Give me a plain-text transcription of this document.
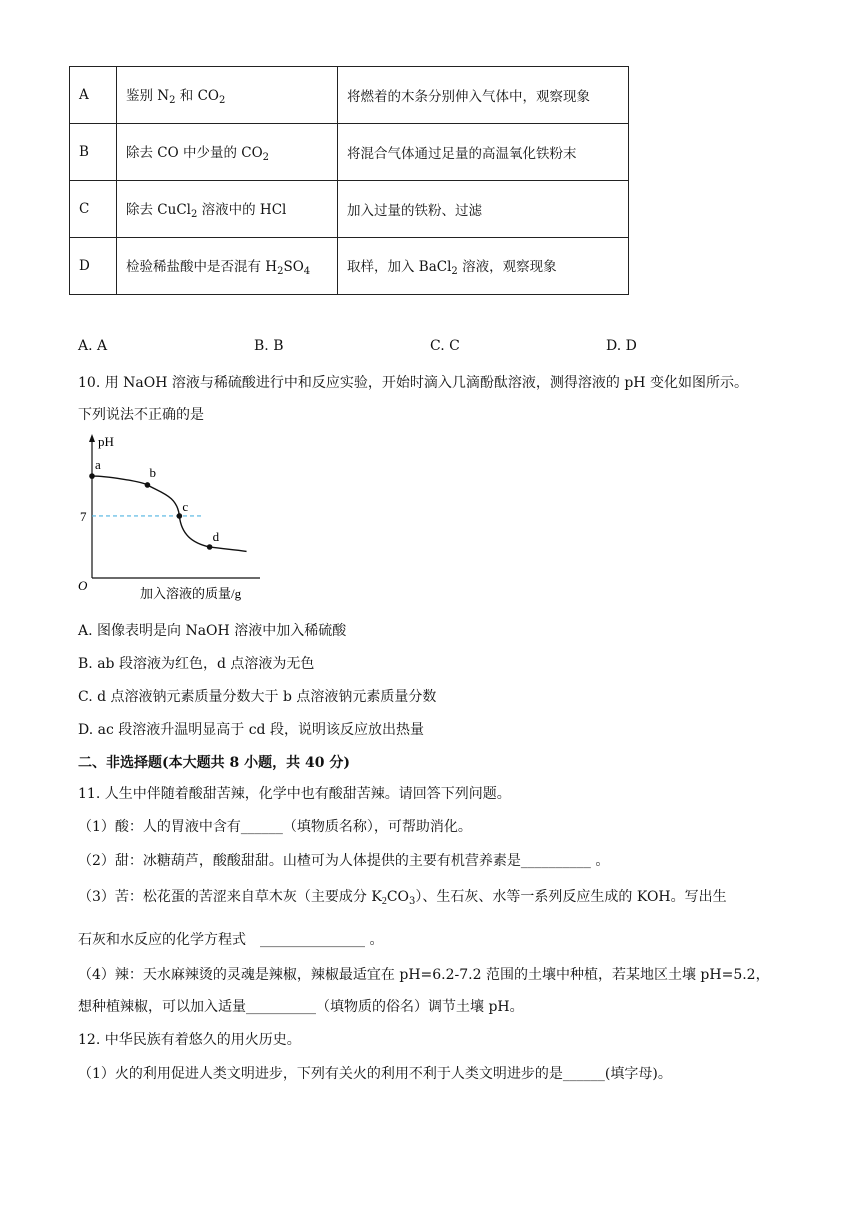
A	鉴别 $N_2$ 和 $CO_2$	将燃着的木条分别伸入气体中，观察现象
B	除去 CO 中少量的 $CO_2$	将混合气体通过足量的高温氧化铁粉末
C	除去 CuCl$_2$ 溶液中的 HCl	加入过量的铁粉、过滤
D	检验稀盐酸中是否混有 $H_2SO_4$	取样，加入 BaCl$_2$ 溶液，观察现象
A. A	B. B	C. C	D. D
10. 用 NaOH 溶液与稀硫酸进行中和反应实验，开始时滴入几滴酚酞溶液，测得溶液的 pH 变化如图所示。
下列说法不正确的是
pH
O
加入溶液的质量/g
7
a
b
c
d
A. 图像表明是向 NaOH 溶液中加入稀硫酸
B. ab 段溶液为红色，d 点溶液为无色
C. d 点溶液钠元素质量分数大于 b 点溶液钠元素质量分数
D. ac 段溶液升温明显高于 cd 段，说明该反应放出热量
二、非选择题(本大题共 8 小题，共 40 分)
11. 人生中伴随着酸甜苦辣，化学中也有酸甜苦辣。请回答下列问题。
（1）酸：人的胃液中含有______（填物质名称），可帮助消化。
（2）甜：冰糖葫芦，酸酸甜甜。山楂可为人体提供的主要有机营养素是__________ 。
（3）苦：松花蛋的苦涩来自草木灰（主要成分 $K_2CO_3$）、生石灰、水等一系列反应生成的 KOH。写出生
石灰和水反应的化学方程式　_______________ 。
（4）辣：天水麻辣烫的灵魂是辣椒，辣椒最适宜在 pH=6.2-7.2 范围的土壤中种植，若某地区土壤 pH=5.2，
想种植辣椒，可以加入适量__________（填物质的俗名）调节土壤 pH。
12. 中华民族有着悠久的用火历史。
（1）火的利用促进人类文明进步，下列有关火的利用不利于人类文明进步的是______(填字母)。
